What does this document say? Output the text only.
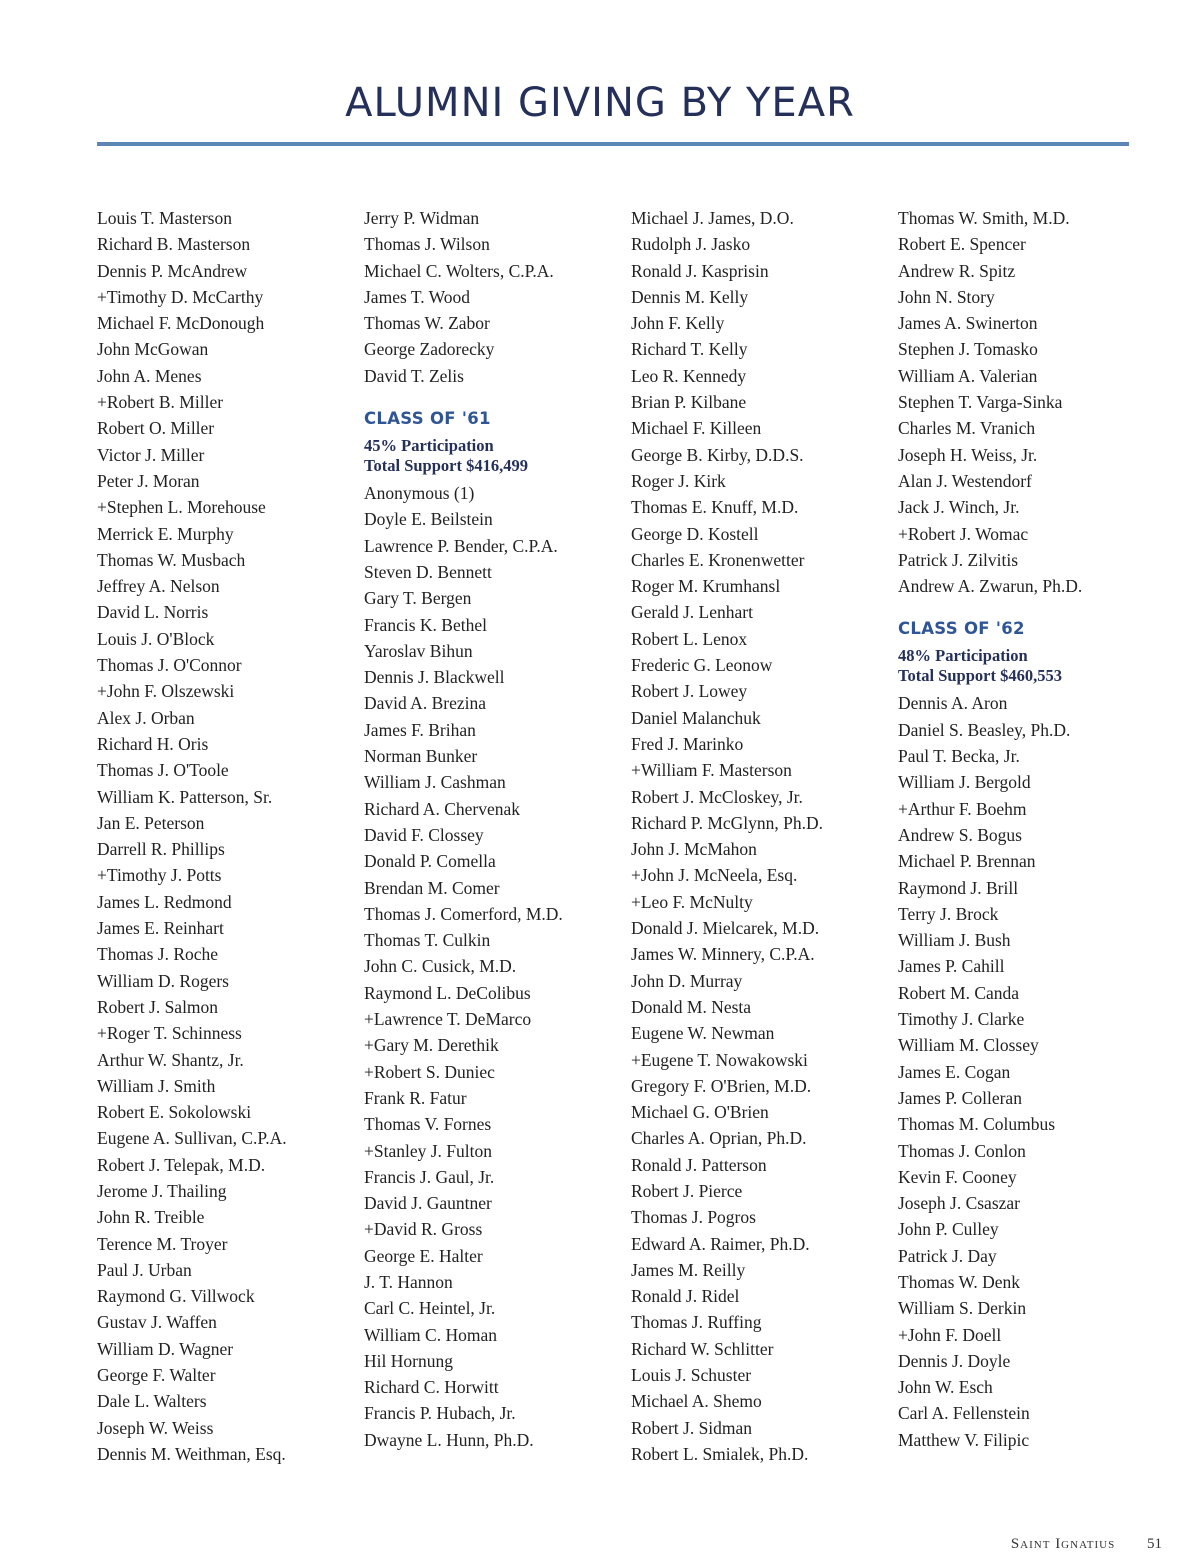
ALUMNI GIVING BY YEAR
Louis T. Masterson
Richard B. Masterson
Dennis P. McAndrew
+Timothy D. McCarthy
Michael F. McDonough
John McGowan
John A. Menes
+Robert B. Miller
Robert O. Miller
Victor J. Miller
Peter J. Moran
+Stephen L. Morehouse
Merrick E. Murphy
Thomas W. Musbach
Jeffrey A. Nelson
David L. Norris
Louis J. O'Block
Thomas J. O'Connor
+John F. Olszewski
Alex J. Orban
Richard H. Oris
Thomas J. O'Toole
William K. Patterson, Sr.
Jan E. Peterson
Darrell R. Phillips
+Timothy J. Potts
James L. Redmond
James E. Reinhart
Thomas J. Roche
William D. Rogers
Robert J. Salmon
+Roger T. Schinness
Arthur W. Shantz, Jr.
William J. Smith
Robert E. Sokolowski
Eugene A. Sullivan, C.P.A.
Robert J. Telepak, M.D.
Jerome J. Thailing
John R. Treible
Terence M. Troyer
Paul J. Urban
Raymond G. Villwock
Gustav J. Waffen
William D. Wagner
George F. Walter
Dale L. Walters
Joseph W. Weiss
Dennis M. Weithman, Esq.
Jerry P. Widman
Thomas J. Wilson
Michael C. Wolters, C.P.A.
James T. Wood
Thomas W. Zabor
George Zadorecky
David T. Zelis
CLASS OF '61
45% Participation
Total Support $416,499
Anonymous (1)
Doyle E. Beilstein
Lawrence P. Bender, C.P.A.
Steven D. Bennett
Gary T. Bergen
Francis K. Bethel
Yaroslav Bihun
Dennis J. Blackwell
David A. Brezina
James F. Brihan
Norman Bunker
William J. Cashman
Richard A. Chervenak
David F. Clossey
Donald P. Comella
Brendan M. Comer
Thomas J. Comerford, M.D.
Thomas T. Culkin
John C. Cusick, M.D.
Raymond L. DeColibus
+Lawrence T. DeMarco
+Gary M. Derethik
+Robert S. Duniec
Frank R. Fatur
Thomas V. Fornes
+Stanley J. Fulton
Francis J. Gaul, Jr.
David J. Gauntner
+David R. Gross
George E. Halter
J. T. Hannon
Carl C. Heintel, Jr.
William C. Homan
Hil Hornung
Richard C. Horwitt
Francis P. Hubach, Jr.
Dwayne L. Hunn, Ph.D.
Michael J. James, D.O.
Rudolph J. Jasko
Ronald J. Kasprisin
Dennis M. Kelly
John F. Kelly
Richard T. Kelly
Leo R. Kennedy
Brian P. Kilbane
Michael F. Killeen
George B. Kirby, D.D.S.
Roger J. Kirk
Thomas E. Knuff, M.D.
George D. Kostell
Charles E. Kronenwetter
Roger M. Krumhansl
Gerald J. Lenhart
Robert L. Lenox
Frederic G. Leonow
Robert J. Lowey
Daniel Malanchuk
Fred J. Marinko
+William F. Masterson
Robert J. McCloskey, Jr.
Richard P. McGlynn, Ph.D.
John J. McMahon
+John J. McNeela, Esq.
+Leo F. McNulty
Donald J. Mielcarek, M.D.
James W. Minnery, C.P.A.
John D. Murray
Donald M. Nesta
Eugene W. Newman
+Eugene T. Nowakowski
Gregory F. O'Brien, M.D.
Michael G. O'Brien
Charles A. Oprian, Ph.D.
Ronald J. Patterson
Robert J. Pierce
Thomas J. Pogros
Edward A. Raimer, Ph.D.
James M. Reilly
Ronald J. Ridel
Thomas J. Ruffing
Richard W. Schlitter
Louis J. Schuster
Michael A. Shemo
Robert J. Sidman
Robert L. Smialek, Ph.D.
Thomas W. Smith, M.D.
Robert E. Spencer
Andrew R. Spitz
John N. Story
James A. Swinerton
Stephen J. Tomasko
William A. Valerian
Stephen T. Varga-Sinka
Charles M. Vranich
Joseph H. Weiss, Jr.
Alan J. Westendorf
Jack J. Winch, Jr.
+Robert J. Womac
Patrick J. Zilvitis
Andrew A. Zwarun, Ph.D.
CLASS OF '62
48% Participation
Total Support $460,553
Dennis A. Aron
Daniel S. Beasley, Ph.D.
Paul T. Becka, Jr.
William J. Bergold
+Arthur F. Boehm
Andrew S. Bogus
Michael P. Brennan
Raymond J. Brill
Terry J. Brock
William J. Bush
James P. Cahill
Robert M. Canda
Timothy J. Clarke
William M. Clossey
James E. Cogan
James P. Colleran
Thomas M. Columbus
Thomas J. Conlon
Kevin F. Cooney
Joseph J. Csaszar
John P. Culley
Patrick J. Day
Thomas W. Denk
William S. Derkin
+John F. Doell
Dennis J. Doyle
John W. Esch
Carl A. Fellenstein
Matthew V. Filipic
Saint Ignatius 51
